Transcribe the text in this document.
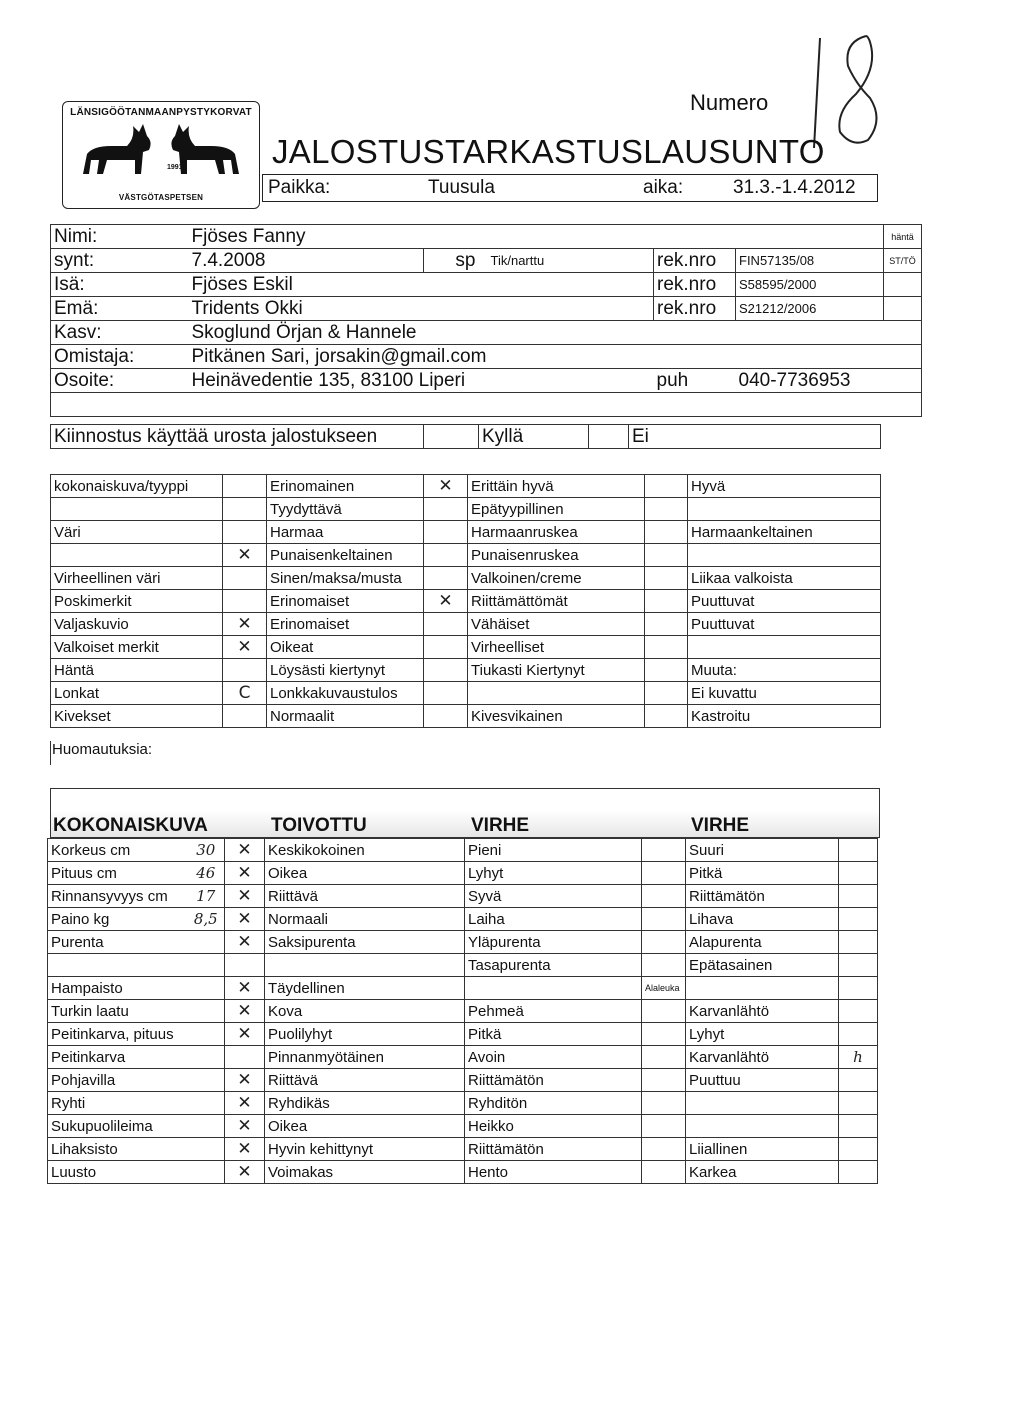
LÄNSIGÖÖTANMAANPYSTYKORVAT
1991
VÄSTGÖTASPETSEN
Numero
JALOSTUSTARKASTUSLAUSUNTO
Paikka:	Tuusula	aika:	31.3.-1.4.2012
Nimi:	Fjöses Fanny					häntä
synt:	7.4.2008	sp	Tik/narttu	rek.nro	FIN57135/08	ST/TÖ
Isä:	Fjöses Eskil			rek.nro	S58595/2000	
Emä:	Tridents Okki			rek.nro	S21212/2006	
Kasv:	Skoglund Örjan & Hannele					
Omistaja:	Pitkänen Sari, jorsakin@gmail.com					
Osoite:	Heinävedentie 135, 83100 Liperi			puh	040-7736953	

Kiinnostus käyttää urosta jalostukseen		Kyllä		Ei
kokonaiskuva/tyyppi		Erinomainen	✕	Erittäin hyvä		Hyvä
		Tyydyttävä		Epätyypillinen		
Väri		Harmaa		Harmaanruskea		Harmaankeltainen
	✕	Punaisenkeltainen		Punaisenruskea		
Virheellinen väri		Sinen/maksa/musta		Valkoinen/creme		Liikaa valkoista
Poskimerkit		Erinomaiset	✕	Riittämättömät		Puuttuvat
Valjaskuvio	✕	Erinomaiset		Vähäiset		Puuttuvat
Valkoiset merkit	✕	Oikeat		Virheelliset		
Häntä		Löysästi kiertynyt		Tiukasti Kiertynyt		Muuta:
Lonkat	C	Lonkkakuvaustulos				Ei kuvattu
Kivekset		Normaalit		Kivesvikainen		Kastroitu
Huomautuksia:
KOKONAISKUVA	TOIVOTTU	VIRHE	VIRHE
Korkeus cm	30	✕	Keskikokoinen		Pieni		Suuri	
Pituus cm	46	✕	Oikea		Lyhyt		Pitkä	
Rinnansyvyys cm	17	✕	Riittävä		Syvä		Riittämätön	
Paino kg	8,5	✕	Normaali		Laiha		Lihava	
Purenta		✕	Saksipurenta		Yläpurenta		Alapurenta	
					Tasapurenta		Epätasainen	
Hampaisto		✕	Täydellinen			Alaleuka		
Turkin laatu		✕	Kova		Pehmeä		Karvanlähtö	
Peitinkarva, pituus		✕	Puolilyhyt		Pitkä		Lyhyt	
Peitinkarva			Pinnanmyötäinen		Avoin		Karvanlähtö	h
Pohjavilla		✕	Riittävä		Riittämätön		Puuttuu	
Ryhti		✕	Ryhdikäs		Ryhditön			
Sukupuolileima		✕	Oikea		Heikko			
Lihaksisto		✕	Hyvin kehittynyt		Riittämätön		Liiallinen	
Luusto		✕	Voimakas		Hento		Karkea	
